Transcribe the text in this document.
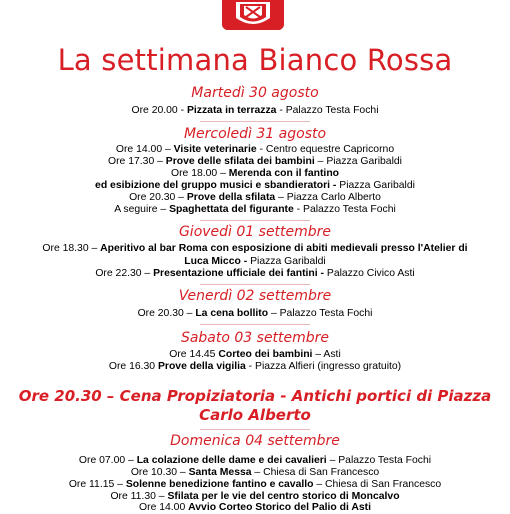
La settimana Bianco Rossa
Martedì 30 agosto
Ore 20.00 - Pizzata in terrazza - Palazzo Testa Fochi
Mercoledì 31 agosto
Ore 14.00 – Visite veterinarie - Centro equestre Capricorno
Ore 17.30 – Prove delle sfilata dei bambini – Piazza Garibaldi
Ore 18.00 – Merenda con il fantino
ed esibizione del gruppo musici e sbandieratori - Piazza Garibaldi
Ore 20.30 – Prove della sfilata – Piazza Carlo Alberto
A seguire – Spaghettata del figurante - Palazzo Testa Fochi
Giovedì 01 settembre
Ore 18.30 – Aperitivo al bar Roma con esposizione di abiti medievali presso l'Atelier di
Luca Micco - Piazza Garibaldi
Ore 22.30 – Presentazione ufficiale dei fantini - Palazzo Civico Asti
Venerdì 02 settembre
Ore 20.30 – La cena bollito – Palazzo Testa Fochi
Sabato 03 settembre
Ore 14.45 Corteo dei bambini – Asti
Ore 16.30 Prove della vigilia - Piazza Alfieri (ingresso gratuito)
Ore 20.30 – Cena Propiziatoria - Antichi portici di Piazza
Carlo Alberto
Domenica 04 settembre
Ore 07.00 – La colazione delle dame e dei cavalieri – Palazzo Testa Fochi
Ore 10.30 – Santa Messa – Chiesa di San Francesco
Ore 11.15 – Solenne benedizione fantino e cavallo – Chiesa di San Francesco
Ore 11.30 – Sfilata per le vie del centro storico di Moncalvo
Ore 14.00 Avvio Corteo Storico del Palio di Asti
